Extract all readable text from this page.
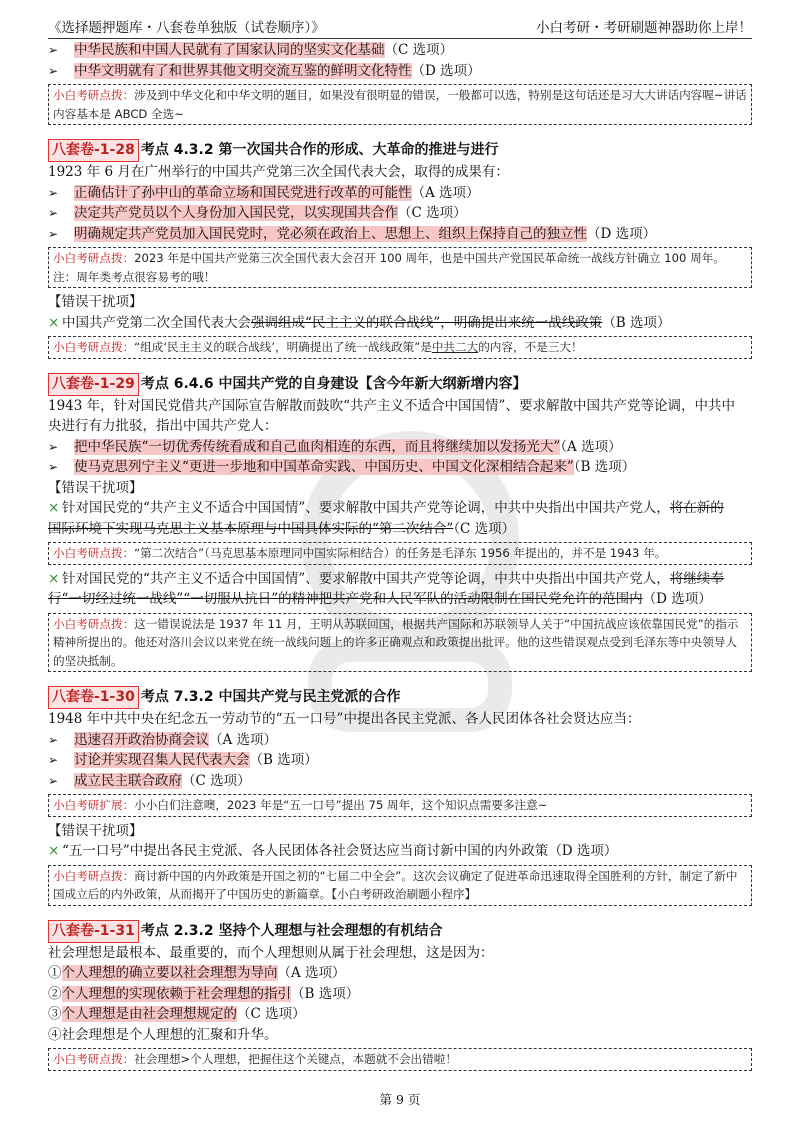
《选择题押题库・八套卷单独版（试卷顺序）》	小白考研・考研刷题神器助你上岸！
➢ 中华民族和中国人民就有了国家认同的坚实文化基础（C 选项）
➢ 中华文明就有了和世界其他文明交流互鉴的鲜明文化特性（D 选项）
小白考研点拨：涉及到中华文化和中华文明的题目，如果没有很明显的错误，一般都可以选，特别是这句话还是习大大讲话内容喔~讲话内容基本是 ABCD 全选~
八套卷-1-28 考点 4.3.2 第一次国共合作的形成、大革命的推进与进行
1923 年 6 月在广州举行的中国共产党第三次全国代表大会，取得的成果有：
➢ 正确估计了孙中山的革命立场和国民党进行改革的可能性（A 选项）
➢ 决定共产党员以个人身份加入国民党，以实现国共合作（C 选项）
➢ 明确规定共产党员加入国民党时，党必须在政治上、思想上、组织上保持自己的独立性（D 选项）
小白考研点拨：2023 年是中国共产党第三次全国代表大会召开 100 周年，也是中国共产党国民革命统一战线方针确立 100 周年。注：周年类考点很容易考的哦！
【错误干扰项】
× 中国共产党第二次全国代表大会强调组成“民主主义的联合战线”，明确提出来统一战线政策（B 选项）
小白考研点拨：“组成‘民主主义的联合战线’，明确提出了统一战线政策”是中共二大的内容，不是三大！
八套卷-1-29 考点 6.4.6 中国共产党的自身建设【含今年新大纲新增内容】
1943 年，针对国民党借共产国际宣告解散而鼓吹“共产主义不适合中国国情”、要求解散中国共产党等论调，中共中
央进行有力批驳，指出中国共产党人：
➢ 把中华民族“一切优秀传统看成和自己血肉相连的东西，而且将继续加以发扬光大”（A 选项）
➢ 使马克思列宁主义“更进一步地和中国革命实践、中国历史、中国文化深相结合起来”（B 选项）
【错误干扰项】
× 针对国民党的“共产主义不适合中国国情”、要求解散中国共产党等论调，中共中央指出中国共产党人，将在新的
国际环境下实现马克思主义基本原理与中国具体实际的“第二次结合”（C 选项）
小白考研点拨：“第二次结合”（马克思基本原理同中国实际相结合）的任务是毛泽东 1956 年提出的，并不是 1943 年。
× 针对国民党的“共产主义不适合中国国情”、要求解散中国共产党等论调，中共中央指出中国共产党人，将继续奉
行“一切经过统一战线”“一切服从抗日”的精神把共产党和人民军队的活动限制在国民党允许的范围内（D 选项）
小白考研点拨：这一错误说法是 1937 年 11 月，王明从苏联回国，根据共产国际和苏联领导人关于“中国抗战应该依靠国民党”的指示精神所提出的。他还对洛川会议以来党在统一战线问题上的许多正确观点和政策提出批评。他的这些错误观点受到毛泽东等中央领导人的坚决抵制。
八套卷-1-30 考点 7.3.2 中国共产党与民主党派的合作
1948 年中共中央在纪念五一劳动节的“五一口号”中提出各民主党派、各人民团体各社会贤达应当：
➢ 迅速召开政治协商会议（A 选项）
➢ 讨论并实现召集人民代表大会（B 选项）
➢ 成立民主联合政府（C 选项）
小白考研扩展：小小白们注意噢，2023 年是“五一口号”提出 75 周年，这个知识点需要多注意~
【错误干扰项】
× “五一口号”中提出各民主党派、各人民团体各社会贤达应当商讨新中国的内外政策（D 选项）
小白考研点拨：商讨新中国的内外政策是开国之初的“七届二中全会”。这次会议确定了促进革命迅速取得全国胜利的方针，制定了新中国成立后的内外政策，从而揭开了中国历史的新篇章。【小白考研政治刷题小程序】
八套卷-1-31 考点 2.3.2 坚持个人理想与社会理想的有机结合
社会理想是最根本、最重要的，而个人理想则从属于社会理想，这是因为：
①个人理想的确立要以社会理想为导向（A 选项）
②个人理想的实现依赖于社会理想的指引（B 选项）
③个人理想是由社会理想规定的（C 选项）
④社会理想是个人理想的汇聚和升华。
小白考研点拨：社会理想>个人理想，把握住这个关键点，本题就不会出错啦！
第 9 页
